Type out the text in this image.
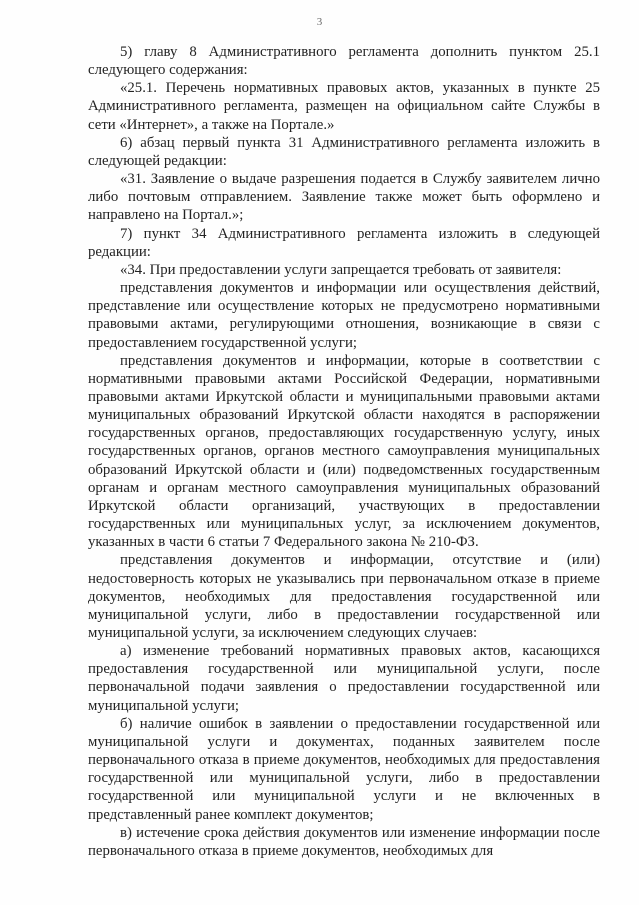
3

5) главу 8 Административного регламента дополнить пунктом 25.1 следующего содержания:

«25.1. Перечень нормативных правовых актов, указанных в пункте 25 Административного регламента, размещен на официальном сайте Службы в сети «Интернет», а также на Портале.»

6) абзац первый пункта 31 Административного регламента изложить в следующей редакции:

«31. Заявление о выдаче разрешения подается в Службу заявителем лично либо почтовым отправлением. Заявление также может быть оформлено и направлено на Портал.»;

7) пункт 34 Административного регламента изложить в следующей редакции:

«34. При предоставлении услуги запрещается требовать от заявителя:

представления документов и информации или осуществления действий, представление или осуществление которых не предусмотрено нормативными правовыми актами, регулирующими отношения, возникающие в связи с предоставлением государственной услуги;

представления документов и информации, которые в соответствии с нормативными правовыми актами Российской Федерации, нормативными правовыми актами Иркутской области и муниципальными правовыми актами муниципальных образований Иркутской области находятся в распоряжении государственных органов, предоставляющих государственную услугу, иных государственных органов, органов местного самоуправления муниципальных образований Иркутской области и (или) подведомственных государственным органам и органам местного самоуправления муниципальных образований Иркутской области организаций, участвующих в предоставлении государственных или муниципальных услуг, за исключением документов, указанных в части 6 статьи 7 Федерального закона № 210-ФЗ.

представления документов и информации, отсутствие и (или) недостоверность которых не указывались при первоначальном отказе в приеме документов, необходимых для предоставления государственной или муниципальной услуги, либо в предоставлении государственной или муниципальной услуги, за исключением следующих случаев:

а) изменение требований нормативных правовых актов, касающихся предоставления государственной или муниципальной услуги, после первоначальной подачи заявления о предоставлении государственной или муниципальной услуги;

б) наличие ошибок в заявлении о предоставлении государственной или муниципальной услуги и документах, поданных заявителем после первоначального отказа в приеме документов, необходимых для предоставления государственной или муниципальной услуги, либо в предоставлении государственной или муниципальной услуги и не включенных в представленный ранее комплект документов;

в) истечение срока действия документов или изменение информации после первоначального отказа в приеме документов, необходимых для
